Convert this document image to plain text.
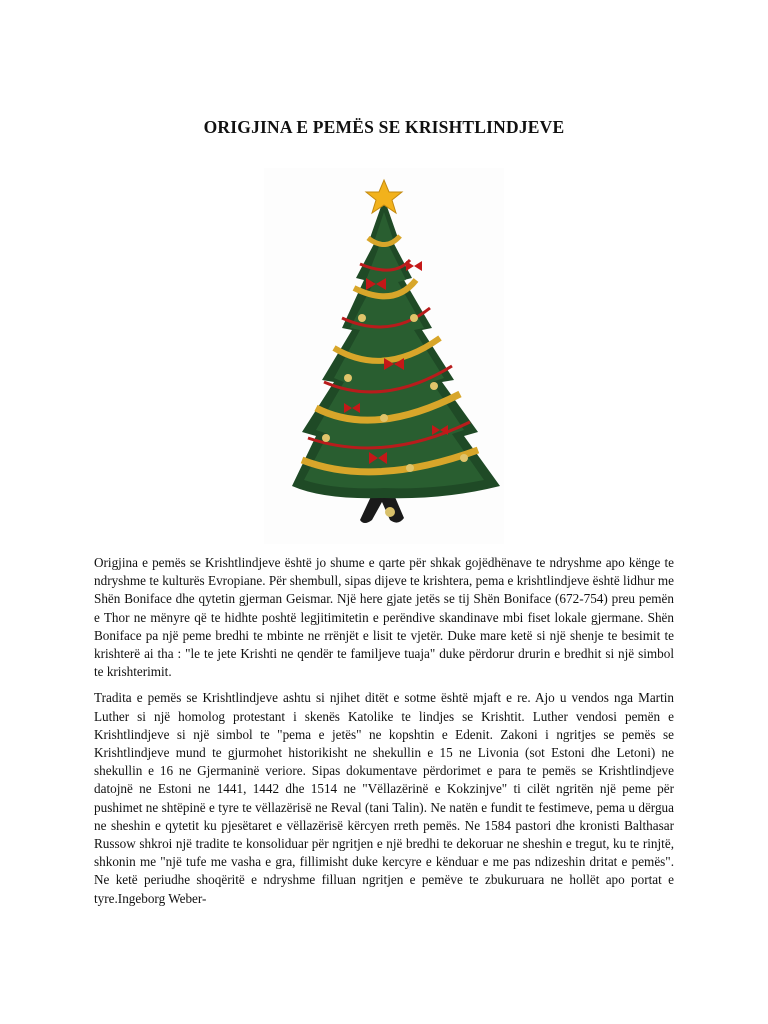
ORIGJINA E PEMËS SE KRISHTLINDJEVE

Origjina e pemës se Krishtlindjeve është jo shume e qarte për shkak gojëdhënave te ndryshme apo kënge te ndryshme te kulturës Evropiane. Për shembull, sipas dijeve te krishtera, pema e krishtlindjeve është lidhur me Shën Boniface dhe qytetin gjerman Geismar. Një here gjate jetës se tij Shën Boniface (672-754) preu pemën e Thor ne mënyre që te hidhte poshtë legjitimitetin e perëndive skandinave mbi fiset lokale gjermane. Shën Boniface pa një peme bredhi te mbinte ne rrënjët e lisit te vjetër. Duke mare ketë si një shenje te besimit te krishterë ai tha : "le te jete Krishti ne qendër te familjeve tuaja" duke përdorur drurin e bredhit si një simbol te krishterimit.

Tradita e pemës se Krishtlindjeve ashtu si njihet ditët e sotme është mjaft e re. Ajo u vendos nga Martin Luther si një homolog protestant i skenës Katolike te lindjes se Krishtit. Luther vendosi pemën e Krishtlindjeve si një simbol te "pema e jetës" ne kopshtin e Edenit. Zakoni i ngritjes se pemës se Krishtlindjeve mund te gjurmohet historikisht ne shekullin e 15 ne Livonia (sot Estoni dhe Letoni) ne shekullin e 16 ne Gjermaninë veriore. Sipas dokumentave përdorimet e para te pemës se Krishtlindjeve datojnë ne Estoni ne 1441, 1442 dhe 1514 ne "Vëllazërinë e Kokzinjve" ti cilët ngritën një peme për pushimet ne shtëpinë e tyre te vëllazërisë ne Reval (tani Talin). Ne natën e fundit te festimeve, pema u dërgua ne sheshin e qytetit ku pjesëtaret e vëllazërisë kërcyen rreth pemës. Ne 1584 pastori dhe kronisti Balthasar Russow shkroi një tradite te konsoliduar për ngritjen e një bredhi te dekoruar ne sheshin e tregut, ku te rinjtë, shkonin me "një tufe me vasha e gra, fillimisht duke kercyre e kënduar e me pas ndizeshin dritat e pemës". Ne ketë periudhe shoqëritë e ndryshme filluan ngritjen e pemëve te zbukuruara ne hollët apo portat e tyre.Ingeborg Weber-
